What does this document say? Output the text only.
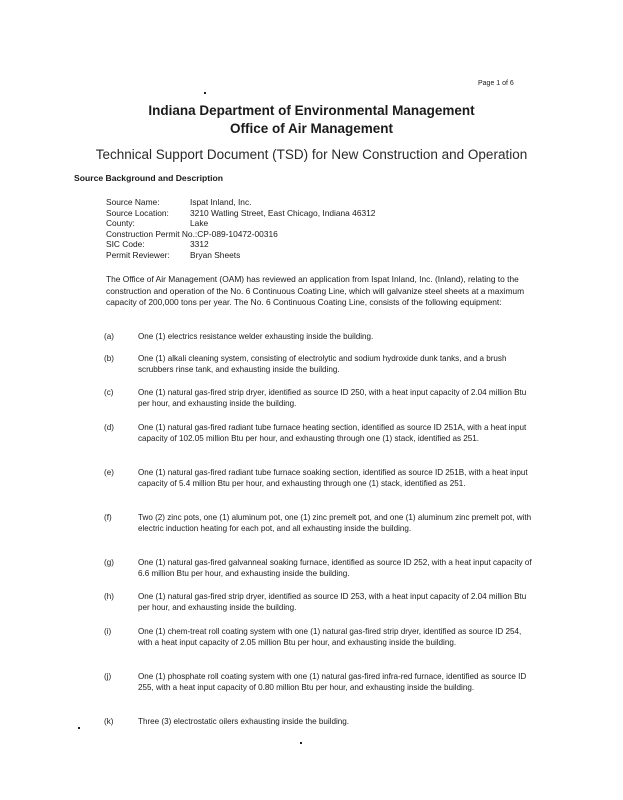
Page 1 of 6
Indiana Department of Environmental Management
Office of Air Management
Technical Support Document (TSD) for New Construction and Operation
Source Background and Description
Source Name:	Ispat Inland, Inc.
Source Location:	3210 Watling Street, East Chicago, Indiana 46312
County:	Lake
Construction Permit No.: CP-089-10472-00316
SIC Code:	3312
Permit Reviewer:	Bryan Sheets
The Office of Air Management (OAM) has reviewed an application from Ispat Inland, Inc. (Inland), relating to the construction and operation of the No. 6 Continuous Coating Line, which will galvanize steel sheets at a maximum capacity of 200,000 tons per year. The No. 6 Continuous Coating Line, consists of the following equipment:
(a)	One (1) electrics resistance welder exhausting inside the building.
(b)	One (1) alkali cleaning system, consisting of electrolytic and sodium hydroxide dunk tanks, and a brush scrubbers rinse tank, and exhausting inside the building.
(c)	One (1) natural gas-fired strip dryer, identified as source ID 250, with a heat input capacity of 2.04 million Btu per hour, and exhausting inside the building.
(d)	One (1) natural gas-fired radiant tube furnace heating section, identified as source ID 251A, with a heat input capacity of 102.05 million Btu per hour, and exhausting through one (1) stack, identified as 251.
(e)	One (1) natural gas-fired radiant tube furnace soaking section, identified as source ID 251B, with a heat input capacity of 5.4 million Btu per hour, and exhausting through one (1) stack, identified as 251.
(f)	Two (2) zinc pots, one (1) aluminum pot, one (1) zinc premelt pot, and one (1) aluminum zinc premelt pot, with electric induction heating for each pot, and all exhausting inside the building.
(g)	One (1) natural gas-fired galvanneal soaking furnace, identified as source ID 252, with a heat input capacity of 6.6 million Btu per hour, and exhausting inside the building.
(h)	One (1) natural gas-fired strip dryer, identified as source ID 253, with a heat input capacity of 2.04 million Btu per hour, and exhausting inside the building.
(i)	One (1) chem-treat roll coating system with one (1) natural gas-fired strip dryer, identified as source ID 254, with a heat input capacity of 2.05 million Btu per hour, and exhausting inside the building.
(j)	One (1) phosphate roll coating system with one (1) natural gas-fired infra-red furnace, identified as source ID 255, with a heat input capacity of 0.80 million Btu per hour, and exhausting inside the building.
(k)	Three (3) electrostatic oilers exhausting inside the building.
